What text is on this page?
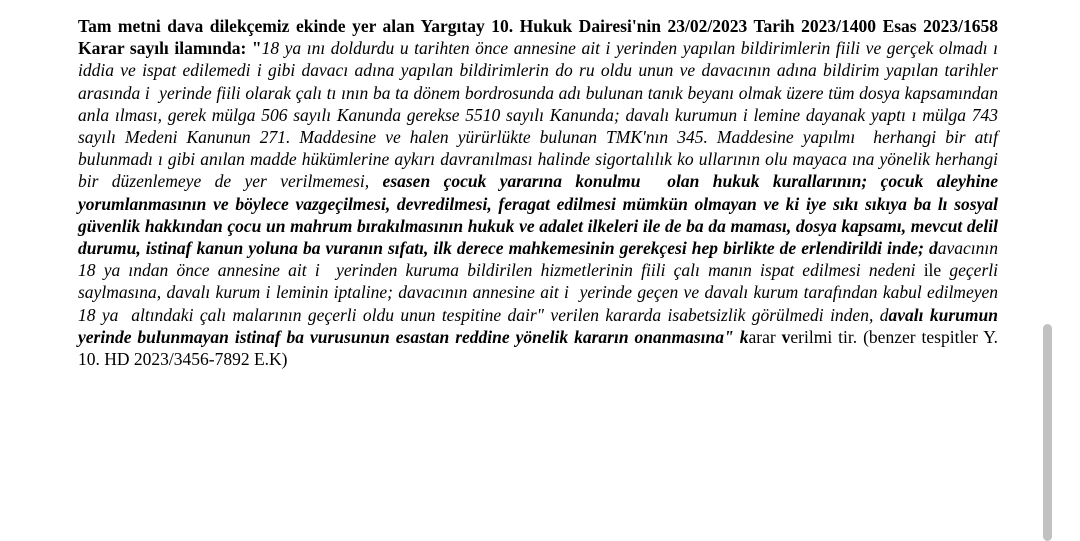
Tam metni dava dilekçemiz ekinde yer alan Yargıtay 10. Hukuk Dairesi'nin 23/02/2023 Tarih 2023/1400 Esas 2023/1658 Karar sayılı ilamında: "18 ya ını doldurdu u tarihten önce annesine ait i yerinden yapılan bildirimlerin fiili ve gerçek olmadı ı iddia ve ispat edilemedi i gibi davacı adına yapılan bildirimlerin do ru oldu unun ve davacının adına bildirim yapılan tarihler arasında i  yerinde fiili olarak çalı tı ının ba ta dönem bordrosunda adı bulunan tanık beyanı olmak üzere tüm dosya kapsamından anla ılması, gerek mülga 506 sayılı Kanunda gerekse 5510 sayılı Kanunda; davalı kurumun i lemine dayanak yaptı ı mülga 743 sayılı Medeni Kanunun 271. Maddesine ve halen yürürlükte bulunan TMK'nın 345. Maddesine yapılmı  herhangi bir atıf bulunmadı ı gibi anılan madde hükümlerine aykırı davranılması halinde sigortalılık ko ullarının olu mayaca ına yönelik herhangi bir düzenlemeye de yer verilmemesi, esasen çocuk yararına konulmu  olan hukuk kurallarının; çocuk aleyhine yorumlanmasının ve böylece vazgeçilmesi, devredilmesi, feragat edilmesi mümkün olmayan ve ki iye sıkı sıkıya ba lı sosyal güvenlik hakkından çocu un mahrum bırakılmasının hukuk ve adalet ilkeleri ile de ba da maması, dosya kapsamı, mevcut delil durumu, istinaf kanun yoluna ba vuranın sıfatı, ilk derece mahkemesinin gerekçesi hep birlikte de erlendirildi inde; davacının 18 ya ından önce annesine ait i  yerinden kuruma bildirilen hizmetlerinin fiili çalı manın ispat edilmesi nedeni ile geçerli saylmasına, davalı kurum i leminin iptaline; davacının annesine ait i  yerinde geçen ve davalı kurum tarafından kabul edilmeyen 18 ya  altındaki çalı malarının geçerli oldu unun tespitine dair" verilen kararda isabetsizlik görülmedi inden, davalı kurumun yerinde bulunmayan istinaf ba vurusunun esastan reddine yönelik kararın onanmasına" karar verilmi tir. (benzer tespitler Y. 10. HD 2023/3456-7892 E.K)
